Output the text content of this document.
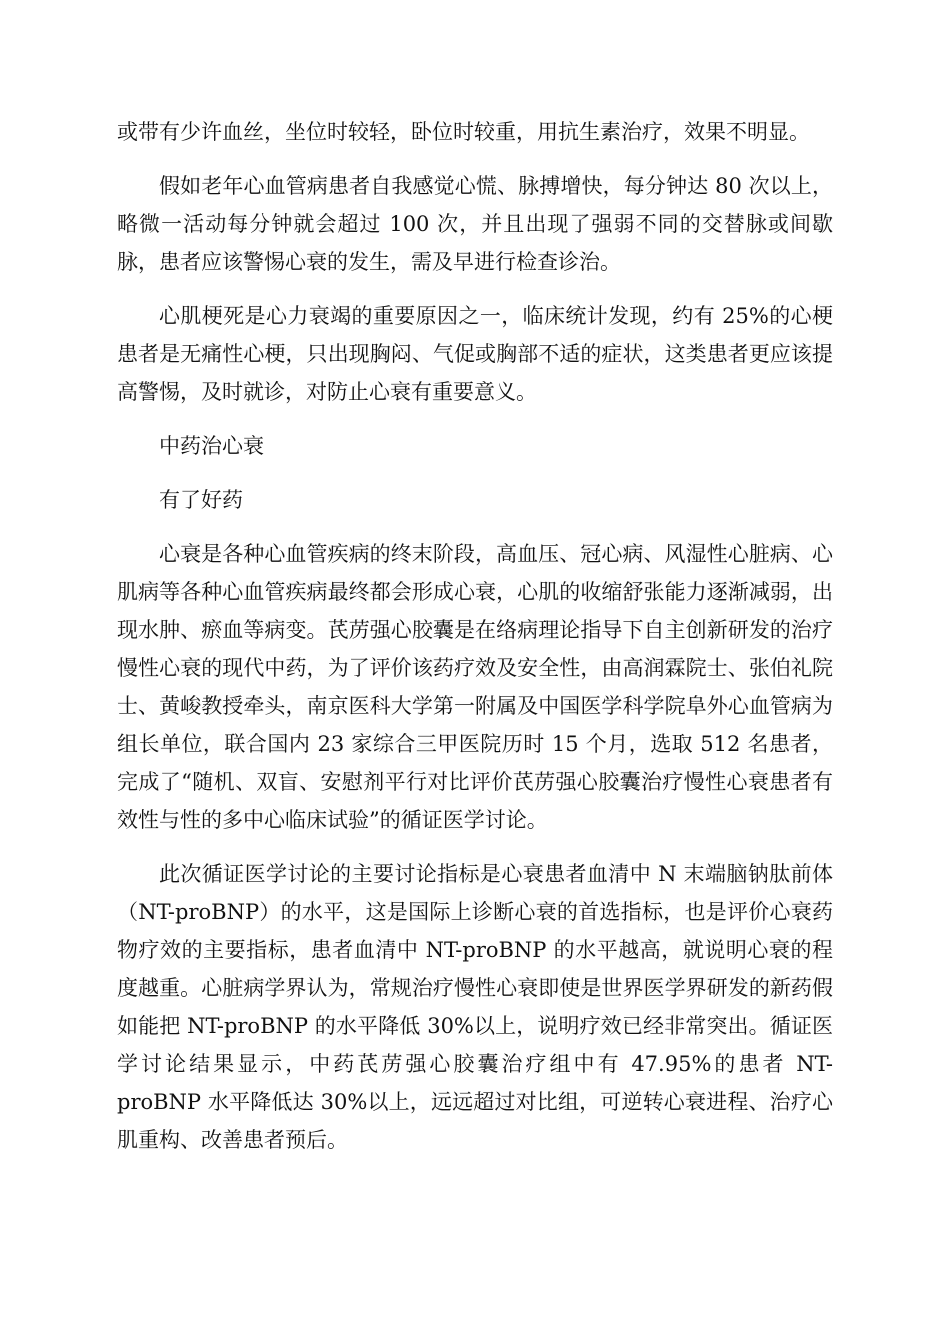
或带有少许血丝，坐位时较轻，卧位时较重，用抗生素治疗，效果不明显。

假如老年心血管病患者自我感觉心慌、脉搏增快，每分钟达 80 次以上，略微一活动每分钟就会超过 100 次，并且出现了强弱不同的交替脉或间歇脉，患者应该警惕心衰的发生，需及早进行检查诊治。

心肌梗死是心力衰竭的重要原因之一，临床统计发现，约有 25%的心梗患者是无痛性心梗，只出现胸闷、气促或胸部不适的症状，这类患者更应该提高警惕，及时就诊，对防止心衰有重要意义。

中药治心衰

有了好药

心衰是各种心血管疾病的终末阶段，高血压、冠心病、风湿性心脏病、心肌病等各种心血管疾病最终都会形成心衰，心肌的收缩舒张能力逐渐减弱，出现水肿、瘀血等病变。芪苈强心胶囊是在络病理论指导下自主创新研发的治疗慢性心衰的现代中药，为了评价该药疗效及安全性，由高润霖院士、张伯礼院士、黄峻教授牵头，南京医科大学第一附属及中国医学科学院阜外心血管病为组长单位，联合国内 23 家综合三甲医院历时 15 个月，选取 512 名患者，完成了“随机、双盲、安慰剂平行对比评价芪苈强心胶囊治疗慢性心衰患者有效性与性的多中心临床试验”的循证医学讨论。

此次循证医学讨论的主要讨论指标是心衰患者血清中 N 末端脑钠肽前体（NT-proBNP）的水平，这是国际上诊断心衰的首选指标，也是评价心衰药物疗效的主要指标，患者血清中 NT-proBNP 的水平越高，就说明心衰的程度越重。心脏病学界认为，常规治疗慢性心衰即使是世界医学界研发的新药假如能把 NT-proBNP 的水平降低 30%以上，说明疗效已经非常突出。循证医学讨论结果显示，中药芪苈强心胶囊治疗组中有 47.95%的患者 NT-proBNP 水平降低达 30%以上，远远超过对比组，可逆转心衰进程、治疗心肌重构、改善患者预后。
